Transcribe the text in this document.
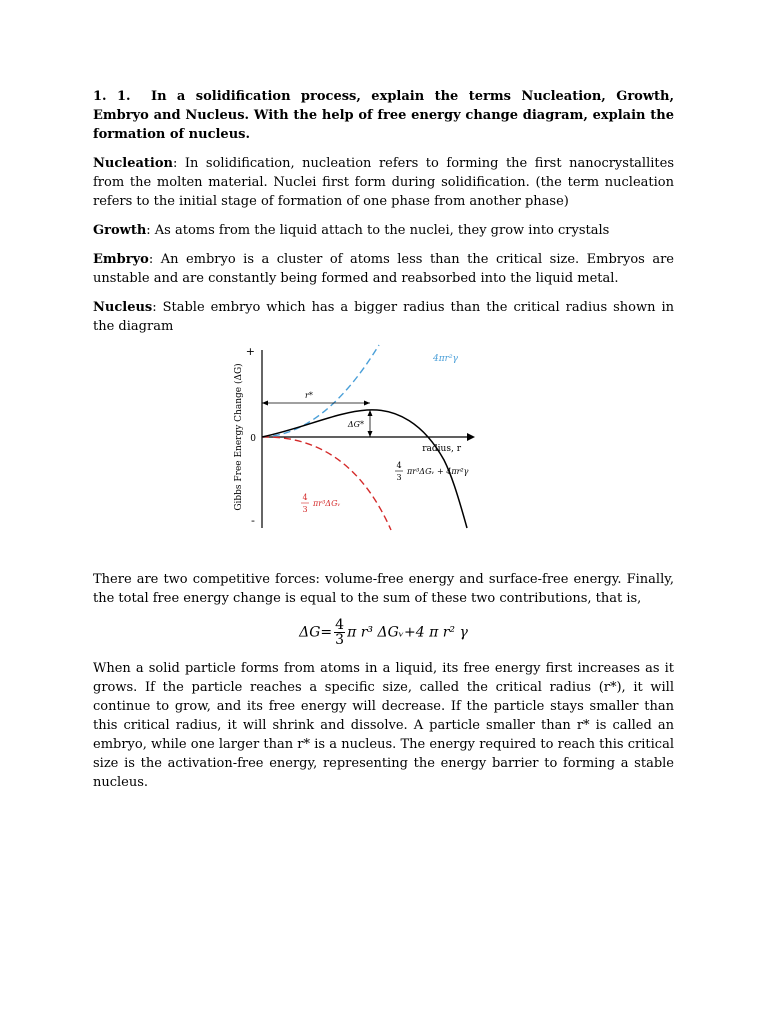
1. 1. In a solidification process, explain the terms Nucleation, Growth, Embryo and Nucleus. With the help of free energy change diagram, explain the formation of nucleus.

Nucleation: In solidification, nucleation refers to forming the first nanocrystallites from the molten material. Nuclei first form during solidification. (the term nucleation refers to the initial stage of formation of one phase from another phase)

Growth: As atoms from the liquid attach to the nuclei, they grow into crystals

Embryo: An embryo is a cluster of atoms less than the critical size. Embryos are unstable and are constantly being formed and reabsorbed into the liquid metal.

Nucleus: Stable embryo which has a bigger radius than the critical radius shown in the diagram

+
0
-
Gibbs Free Energy Change (ΔG)	radius, r
4πr²γ
r*
ΔG*
4
3
πr³ΔGᵥ + 4πr²γ
4
3
πr³ΔGᵥ

There are two competitive forces: volume-free energy and surface-free energy. Finally, the total free energy change is equal to the sum of these two contributions, that is,

$\Delta G= \frac{4}{3}$ π r³ ΔGᵥ+4 π r² γ

When a solid particle forms from atoms in a liquid, its free energy first increases as it grows. If the particle reaches a specific size, called the critical radius (r*), it will continue to grow, and its free energy will decrease. If the particle stays smaller than this critical radius, it will shrink and dissolve. A particle smaller than r* is called an embryo, while one larger than r* is a nucleus. The energy required to reach this critical size is the activation-free energy, representing the energy barrier to forming a stable nucleus.
